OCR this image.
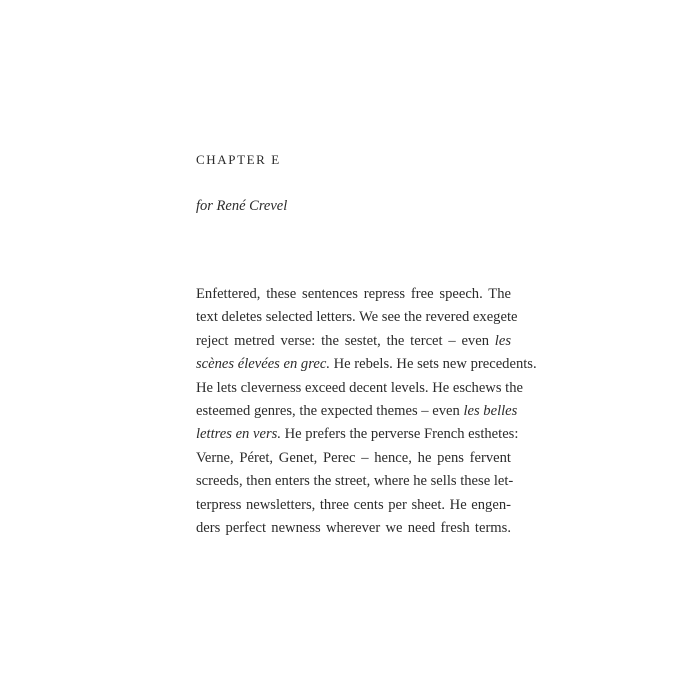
CHAPTER E

for René Crevel

Enfettered, these sentences repress free speech. The
text deletes selected letters. We see the revered exegete
reject metred verse: the sestet, the tercet – even les
scènes élevées en grec. He rebels. He sets new precedents.
He lets cleverness exceed decent levels. He eschews the
esteemed genres, the expected themes – even les belles
lettres en vers. He prefers the perverse French esthetes:
Verne, Péret, Genet, Perec – hence, he pens fervent
screeds, then enters the street, where he sells these let-
terpress newsletters, three cents per sheet. He engen-
ders perfect newness wherever we need fresh terms.
